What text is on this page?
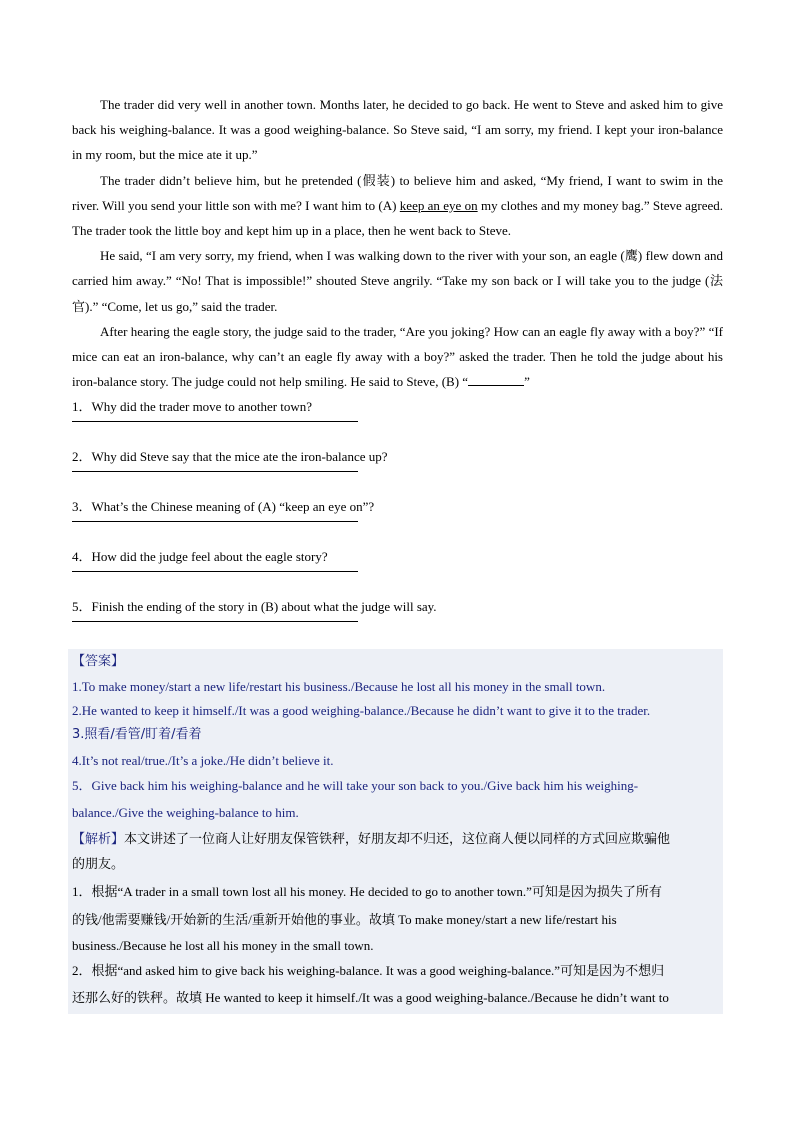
The trader did very well in another town. Months later, he decided to go back. He went to Steve and asked him to give back his weighing-balance. It was a good weighing-balance. So Steve said, “I am sorry, my friend. I kept your iron-balance in my room, but the mice ate it up.”

The trader didn’t believe him, but he pretended (假装) to believe him and asked, “My friend, I want to swim in the river. Will you send your little son with me? I want him to (A) keep an eye on my clothes and my money bag.” Steve agreed. The trader took the little boy and kept him up in a place, then he went back to Steve.

He said, “I am very sorry, my friend, when I was walking down to the river with your son, an eagle (鹰) flew down and carried him away.” “No! That is impossible!” shouted Steve angrily. “Take my son back or I will take you to the judge (法官).” “Come, let us go,” said the trader.

After hearing the eagle story, the judge said to the trader, “Are you joking? How can an eagle fly away with a boy?” “If mice can eat an iron-balance, why can’t an eagle fly away with a boy?” asked the trader. Then he told the judge about his iron-balance story. The judge could not help smiling. He said to Steve, (B) “	”

1．Why did the trader move to another town?

2．Why did Steve say that the mice ate the iron-balance up?

3．What’s the Chinese meaning of (A) “keep an eye on”?

4．How did the judge feel about the eagle story?

5．Finish the ending of the story in (B) about what the judge will say.

【答案】

1.To make money/start a new life/restart his business./Because he lost all his money in the small town.

2.He wanted to keep it himself./It was a good weighing-balance./Because he didn’t want to give it to the trader.

3.照看/看管/盯着/看着

4.It’s not real/true./It’s a joke./He didn’t believe it.

5．Give back him his weighing-balance and he will take your son back to you./Give back him his weighing-

balance./Give the weighing-balance to him.

【解析】本文讲述了一位商人让好朋友保管铁秤，好朋友却不归还，这位商人便以同样的方式回应欺骗他

的朋友。

1．根据“A trader in a small town lost all his money. He decided to go to another town.”可知是因为损失了所有

的钱/他需要赚钱/开始新的生活/重新开始他的事业。故填 To make money/start a new life/restart his

business./Because he lost all his money in the small town.

2．根据“and asked him to give back his weighing-balance. It was a good weighing-balance.”可知是因为不想归

还那么好的铁秤。故填 He wanted to keep it himself./It was a good weighing-balance./Because he didn’t want to
